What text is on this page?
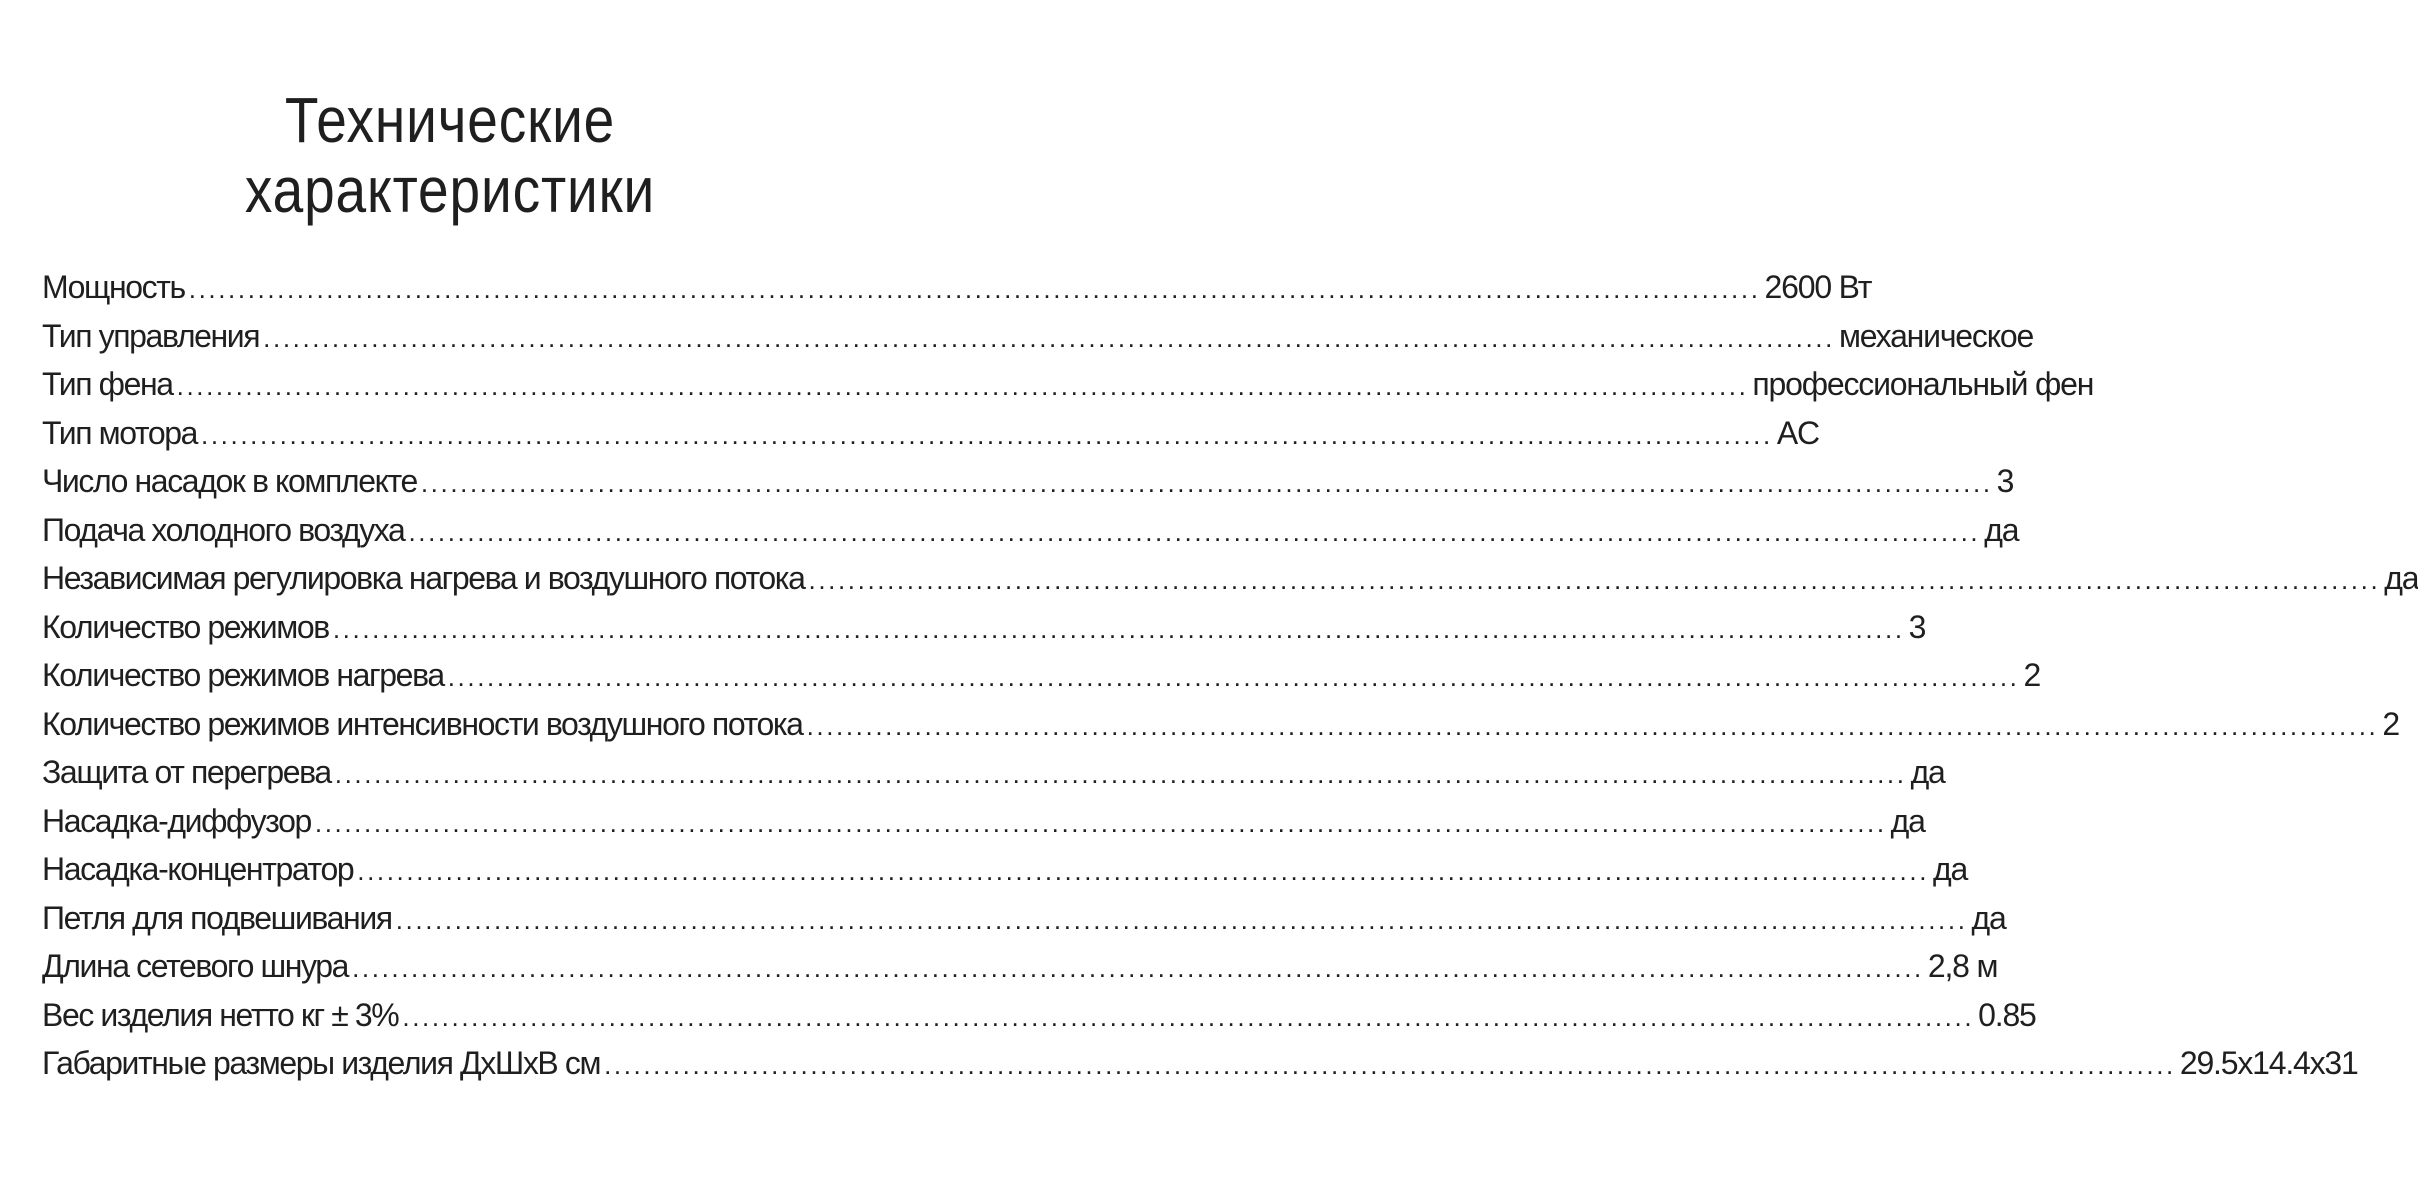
Технические
характеристики
Мощность ................................................................................................................................................................ 2600 Вт
Тип управления ................................................................................................................................................................ механическое
Тип фена ................................................................................................................................................................ профессиональный фен
Тип мотора ................................................................................................................................................................ AC
Число насадок в комплекте ................................................................................................................................................................ 3
Подача холодного воздуха ................................................................................................................................................................ да
Независимая регулировка нагрева и воздушного потока ................................................................................................................................................................ да
Количество режимов ................................................................................................................................................................ 3
Количество режимов нагрева ................................................................................................................................................................ 2
Количество режимов интенсивности воздушного потока ................................................................................................................................................................ 2
Защита от перегрева ................................................................................................................................................................ да
Насадка-диффузор ................................................................................................................................................................ да
Насадка-концентратор ................................................................................................................................................................ да
Петля для подвешивания ................................................................................................................................................................ да
Длина сетевого шнура ................................................................................................................................................................ 2,8 м
Вес изделия нетто кг ± 3% ................................................................................................................................................................ 0.85
Габаритные размеры изделия ДхШхВ см ................................................................................................................................................................ 29.5x14.4x31
